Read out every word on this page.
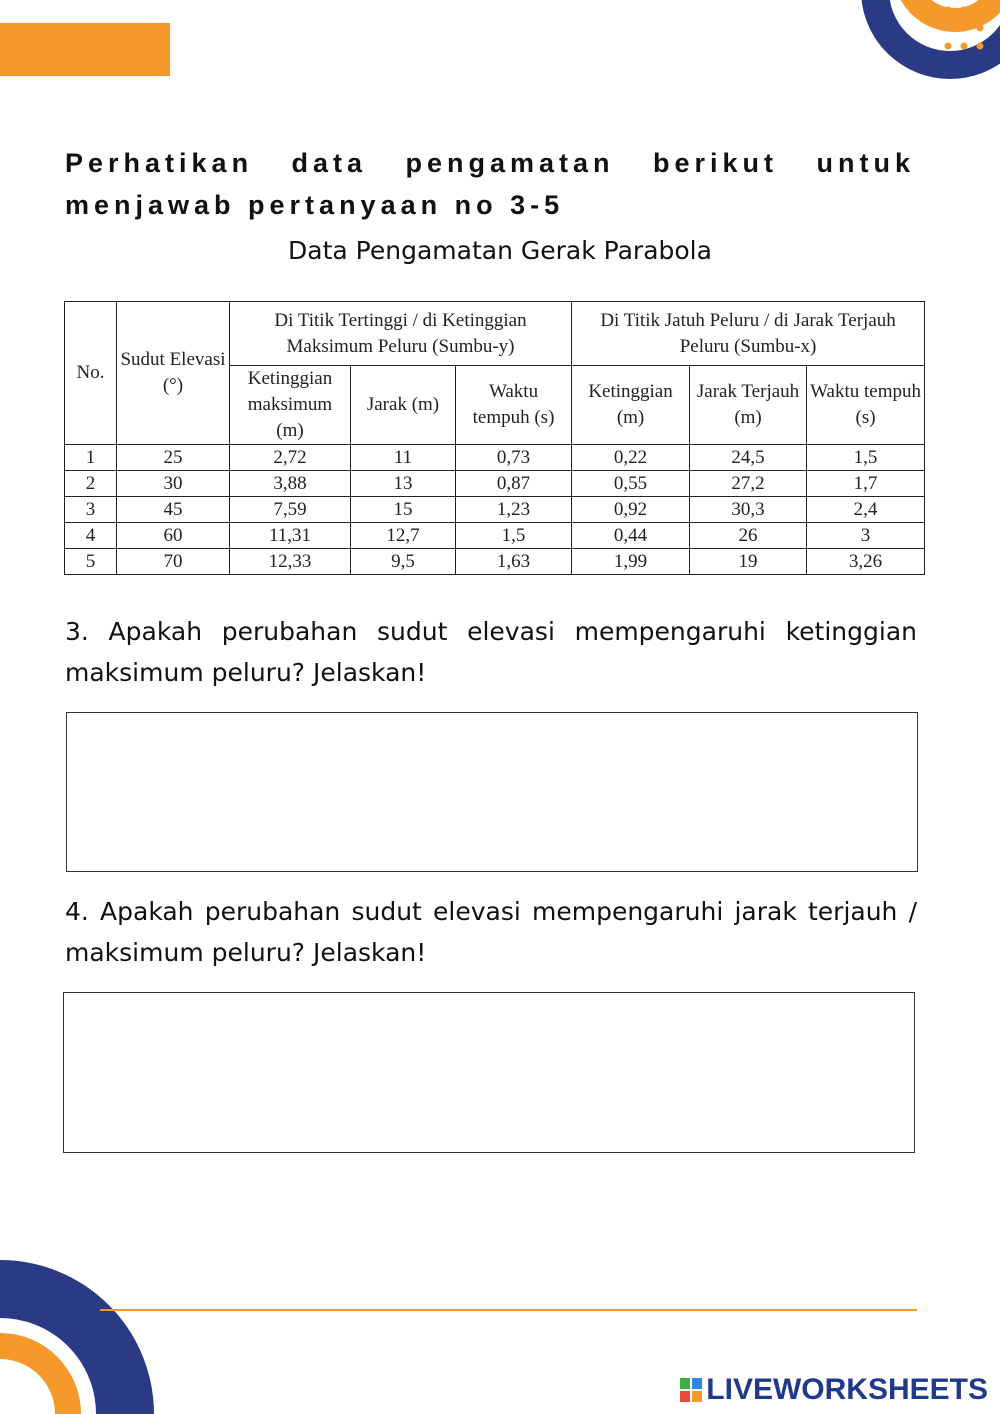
Perhatikan data pengamatan berikut untuk menjawab pertanyaan no 3-5

Data Pengamatan Gerak Parabola

No.	Sudut Elevasi (°)	Di Titik Tertinggi / di Ketinggian Maksimum Peluru (Sumbu-y)			Di Titik Jatuh Peluru / di Jarak Terjauh Peluru (Sumbu-x)		
		Ketinggian maksimum (m)	Jarak (m)	Waktu tempuh (s)	Ketinggian (m)	Jarak Terjauh (m)	Waktu tempuh (s)
1	25	2,72	11	0,73	0,22	24,5	1,5
2	30	3,88	13	0,87	0,55	27,2	1,7
3	45	7,59	15	1,23	0,92	30,3	2,4
4	60	11,31	12,7	1,5	0,44	26	3
5	70	12,33	9,5	1,63	1,99	19	3,26

3. Apakah perubahan sudut elevasi mempengaruhi ketinggian maksimum peluru? Jelaskan!

4. Apakah perubahan sudut elevasi mempengaruhi jarak terjauh / maksimum peluru? Jelaskan!

LIVEWORKSHEETS
